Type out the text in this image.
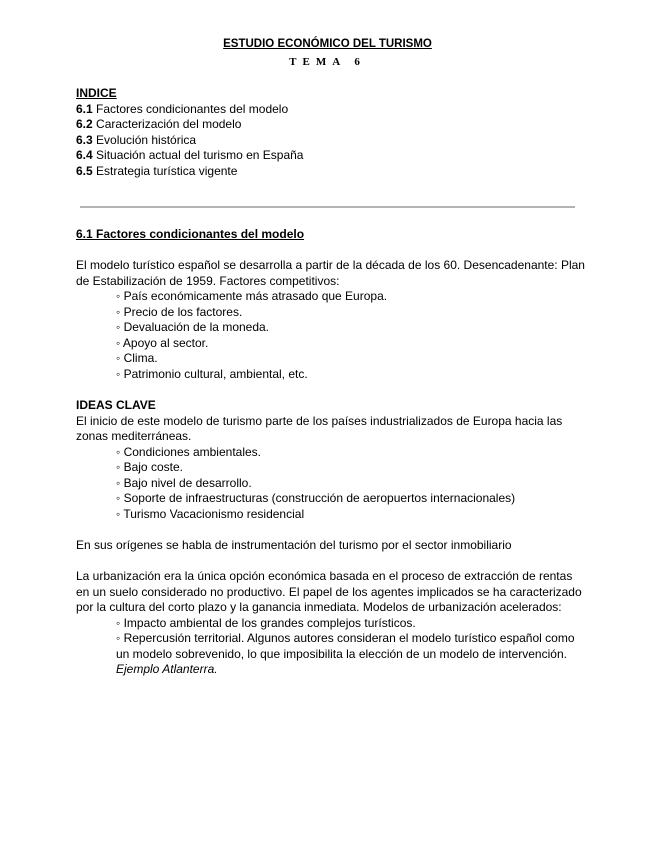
ESTUDIO ECONÓMICO DEL TURISMO
TEMA 6
INDICE
6.1 Factores condicionantes del modelo
6.2 Caracterización del modelo
6.3 Evolución histórica
6.4 Situación actual del turismo en España
6.5 Estrategia turística vigente
6.1 Factores condicionantes del modelo
El modelo turístico español se desarrolla a partir de la década de los 60. Desencadenante: Plan
de Estabilización de 1959. Factores competitivos:
◦ País económicamente más atrasado que Europa.
◦ Precio de los factores.
◦ Devaluación de la moneda.
◦ Apoyo al sector.
◦ Clima.
◦ Patrimonio cultural, ambiental, etc.
IDEAS CLAVE
El inicio de este modelo de turismo parte de los países industrializados de Europa hacia las
zonas mediterráneas.
◦ Condiciones ambientales.
◦ Bajo coste.
◦ Bajo nivel de desarrollo.
◦ Soporte de infraestructuras (construcción de aeropuertos internacionales)
◦ Turismo Vacacionismo residencial
En sus orígenes se habla de instrumentación del turismo por el sector inmobiliario
La urbanización era la única opción económica basada en el proceso de extracción de rentas
en un suelo considerado no productivo. El papel de los agentes implicados se ha caracterizado
por la cultura del corto plazo y la ganancia inmediata. Modelos de urbanización acelerados:
◦ Impacto ambiental de los grandes complejos turísticos.
◦ Repercusión territorial. Algunos autores consideran el modelo turístico español como
un modelo sobrevenido, lo que imposibilita la elección de un modelo de intervención.
Ejemplo Atlanterra.
